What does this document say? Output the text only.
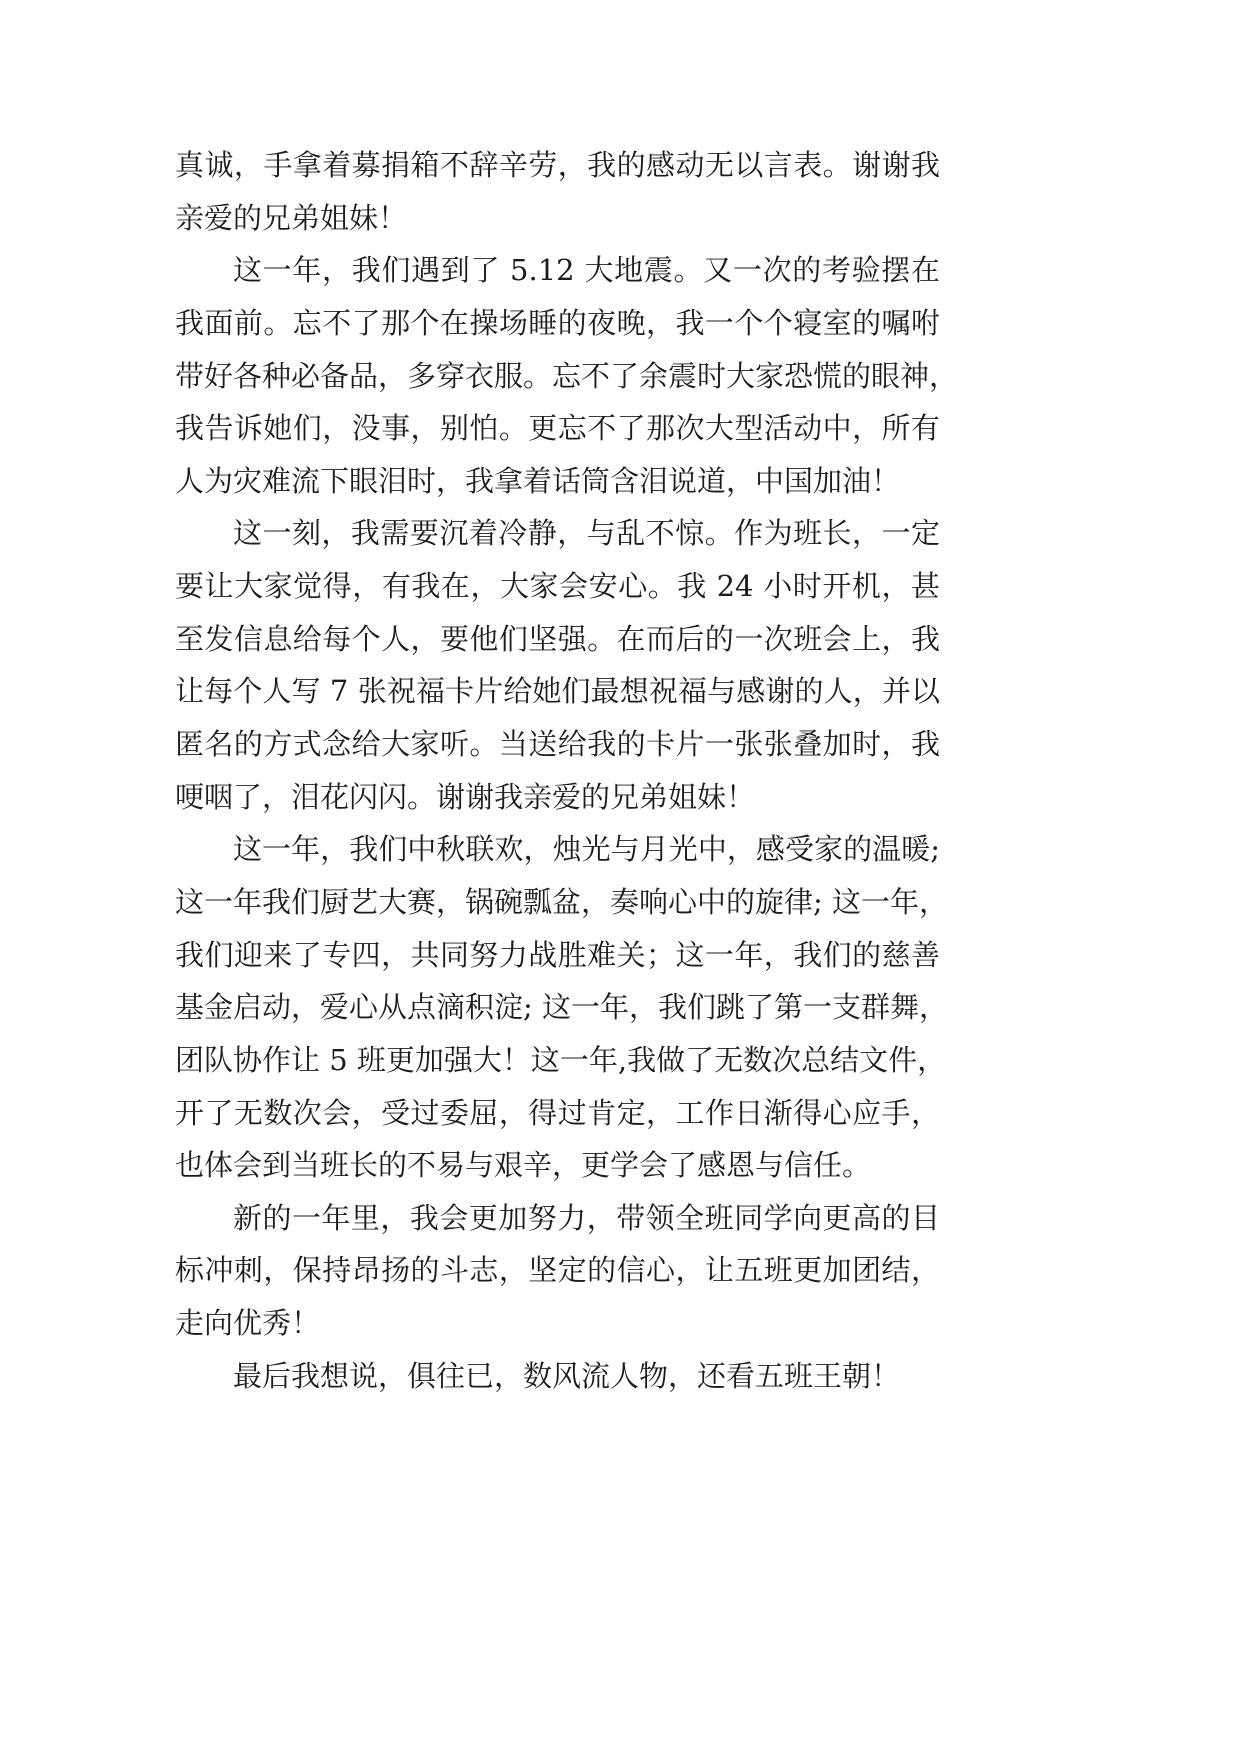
真诚，手拿着募捐箱不辞辛劳，我的感动无以言表。谢谢我
亲爱的兄弟姐妹！

这一年，我们遇到了 5.12 大地震。又一次的考验摆在
我面前。忘不了那个在操场睡的夜晚，我一个个寝室的嘱咐
带好各种必备品，多穿衣服。忘不了余震时大家恐慌的眼神，
我告诉她们，没事，别怕。更忘不了那次大型活动中，所有
人为灾难流下眼泪时，我拿着话筒含泪说道，中国加油！

这一刻，我需要沉着冷静，与乱不惊。作为班长，一定
要让大家觉得，有我在，大家会安心。我 24 小时开机，甚
至发信息给每个人，要他们坚强。在而后的一次班会上，我
让每个人写 7 张祝福卡片给她们最想祝福与感谢的人，并以
匿名的方式念给大家听。当送给我的卡片一张张叠加时，我
哽咽了，泪花闪闪。谢谢我亲爱的兄弟姐妹！

这一年，我们中秋联欢，烛光与月光中，感受家的温暖;
这一年我们厨艺大赛，锅碗瓢盆，奏响心中的旋律; 这一年，
我们迎来了专四，共同努力战胜难关；这一年，我们的慈善
基金启动，爱心从点滴积淀; 这一年，我们跳了第一支群舞，
团队协作让 5 班更加强大！这一年,我做了无数次总结文件，
开了无数次会，受过委屈，得过肯定，工作日渐得心应手，
也体会到当班长的不易与艰辛，更学会了感恩与信任。

新的一年里，我会更加努力，带领全班同学向更高的目
标冲刺，保持昂扬的斗志，坚定的信心，让五班更加团结，
走向优秀！

最后我想说，俱往已，数风流人物，还看五班王朝！
